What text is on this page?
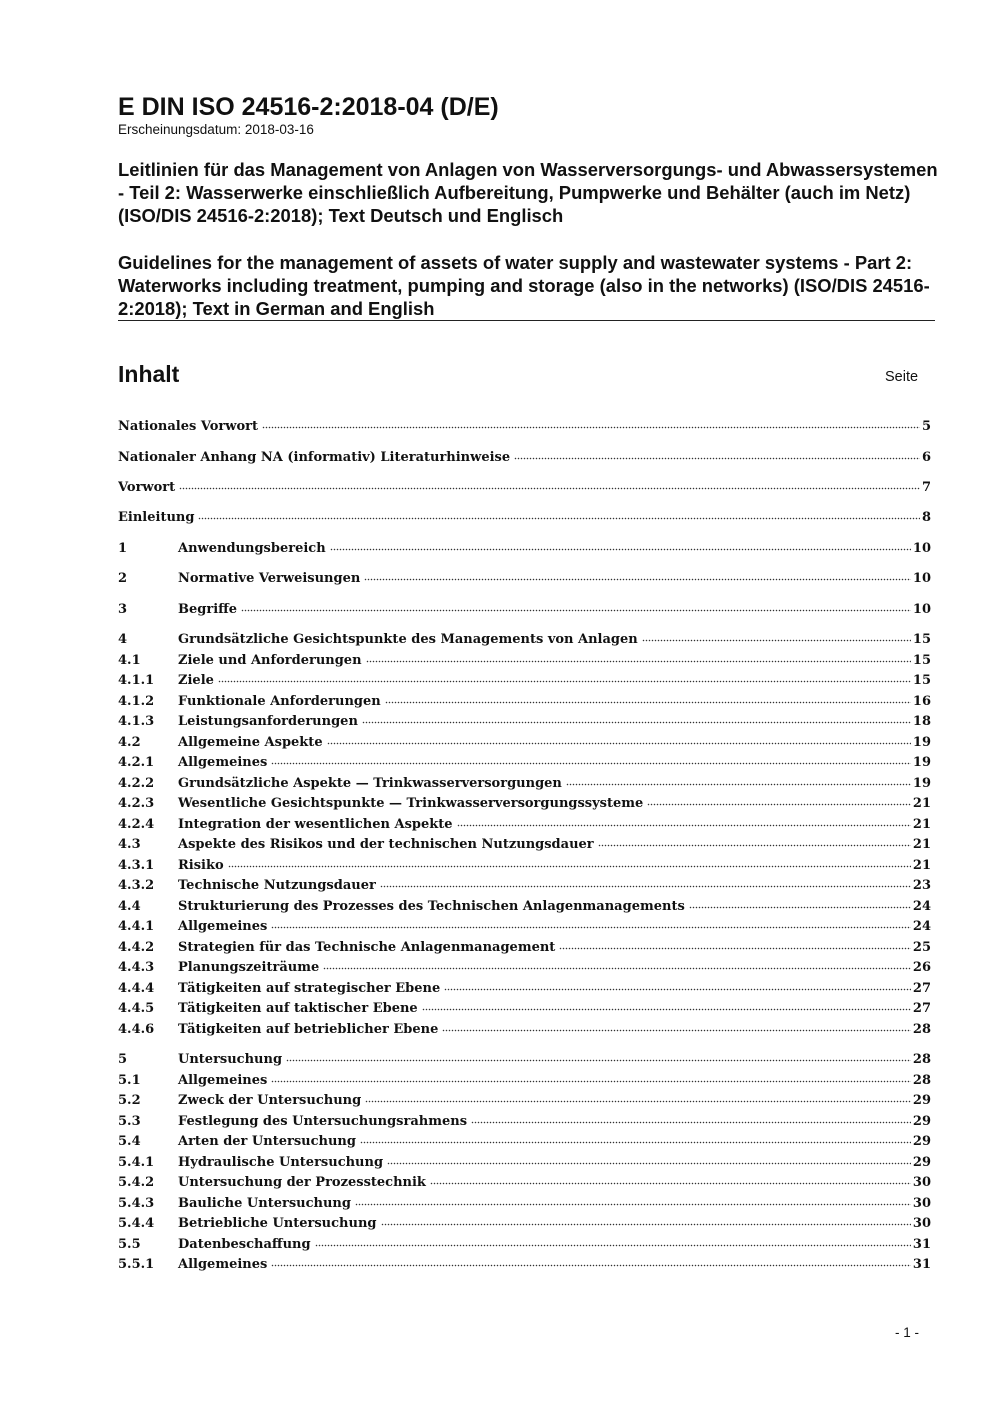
E DIN ISO 24516-2:2018-04 (D/E)
Erscheinungsdatum: 2018-03-16

Leitlinien für das Management von Anlagen von Wasserversorgungs- und Abwassersystemen - Teil 2: Wasserwerke einschließlich Aufbereitung, Pumpwerke und Behälter (auch im Netz) (ISO/DIS 24516-2:2018); Text Deutsch und Englisch

Guidelines for the management of assets of water supply and wastewater systems - Part 2: Waterworks including treatment, pumping and storage (also in the networks) (ISO/DIS 24516-2:2018); Text in German and English

Inhalt	Seite
Nationales Vorwort	5
Nationaler Anhang NA (informativ) Literaturhinweise	6
Vorwort	7
Einleitung	8
1	Anwendungsbereich	10
2	Normative Verweisungen	10
3	Begriffe	10
4	Grundsätzliche Gesichtspunkte des Managements von Anlagen	15
4.1	Ziele und Anforderungen	15
4.1.1 Ziele	15
4.1.2 Funktionale Anforderungen	16
4.1.3 Leistungsanforderungen	18
4.2	Allgemeine Aspekte	19
4.2.1 Allgemeines	19
4.2.2 Grundsätzliche Aspekte — Trinkwasserversorgungen	19
4.2.3 Wesentliche Gesichtspunkte — Trinkwasserversorgungssysteme	21
4.2.4 Integration der wesentlichen Aspekte	21
4.3	Aspekte des Risikos und der technischen Nutzungsdauer	21
4.3.1 Risiko	21
4.3.2 Technische Nutzungsdauer	23
4.4	Strukturierung des Prozesses des Technischen Anlagenmanagements	24
4.4.1 Allgemeines	24
4.4.2 Strategien für das Technische Anlagenmanagement	25
4.4.3 Planungszeiträume	26
4.4.4 Tätigkeiten auf strategischer Ebene	27
4.4.5 Tätigkeiten auf taktischer Ebene	27
4.4.6 Tätigkeiten auf betrieblicher Ebene	28
5	Untersuchung	28
5.1	Allgemeines	28
5.2	Zweck der Untersuchung	29
5.3	Festlegung des Untersuchungsrahmens	29
5.4	Arten der Untersuchung	29
5.4.1 Hydraulische Untersuchung	29
5.4.2 Untersuchung der Prozesstechnik	30
5.4.3 Bauliche Untersuchung	30
5.4.4 Betriebliche Untersuchung	30
5.5	Datenbeschaffung	31
5.5.1 Allgemeines	31
- 1 -
